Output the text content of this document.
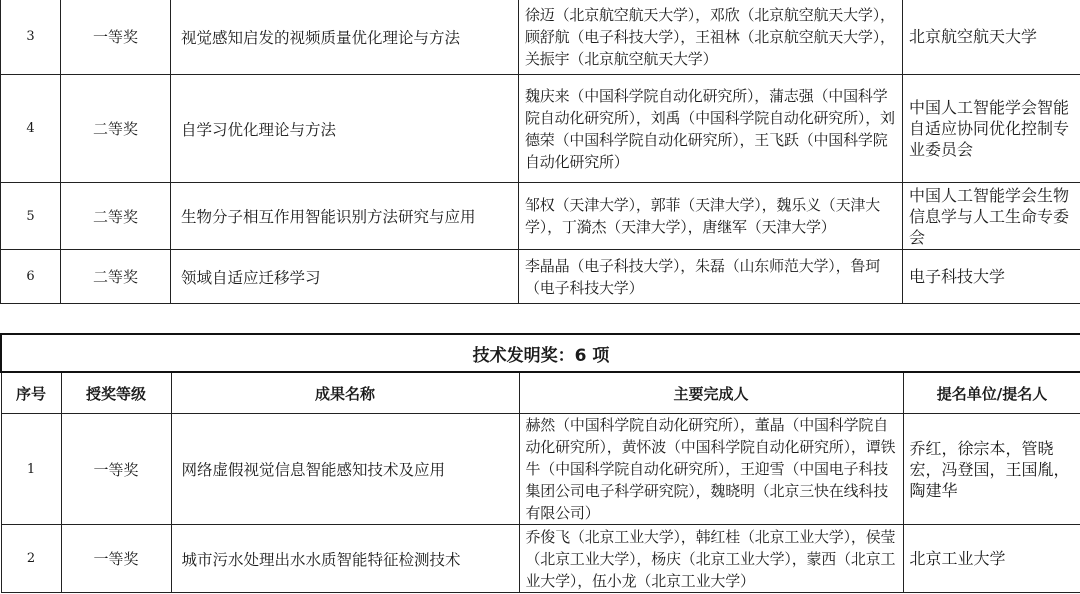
3	一等奖	视觉感知启发的视频质量优化理论与方法	徐迈（北京航空航天大学），邓欣（北京航空航天大学），顾舒航（电子科技大学），王祖林（北京航空航天大学），关振宇（北京航空航天大学）	北京航空航天大学
4	二等奖	自学习优化理论与方法	魏庆来（中国科学院自动化研究所），蒲志强（中国科学院自动化研究所），刘禹（中国科学院自动化研究所），刘德荣（中国科学院自动化研究所），王飞跃（中国科学院自动化研究所）	中国人工智能学会智能自适应协同优化控制专业委员会
5	二等奖	生物分子相互作用智能识别方法研究与应用	邹权（天津大学），郭菲（天津大学），魏乐义（天津大学），丁漪杰（天津大学），唐继军（天津大学）	中国人工智能学会生物信息学与人工生命专委会
6	二等奖	领域自适应迁移学习	李晶晶（电子科技大学），朱磊（山东师范大学），鲁珂（电子科技大学）	电子科技大学
技术发明奖：6 项				
序号	授奖等级	成果名称	主要完成人	提名单位/提名人
1	一等奖	网络虚假视觉信息智能感知技术及应用	赫然（中国科学院自动化研究所），董晶（中国科学院自动化研究所），黄怀波（中国科学院自动化研究所），谭铁牛（中国科学院自动化研究所），王迎雪（中国电子科技集团公司电子科学研究院），魏晓明（北京三快在线科技有限公司）	乔红，徐宗本，管晓宏，冯登国，王国胤，陶建华
2	一等奖	城市污水处理出水水质智能特征检测技术	乔俊飞（北京工业大学），韩红桂（北京工业大学），侯莹（北京工业大学），杨庆（北京工业大学），蒙西（北京工业大学），伍小龙（北京工业大学）	北京工业大学
